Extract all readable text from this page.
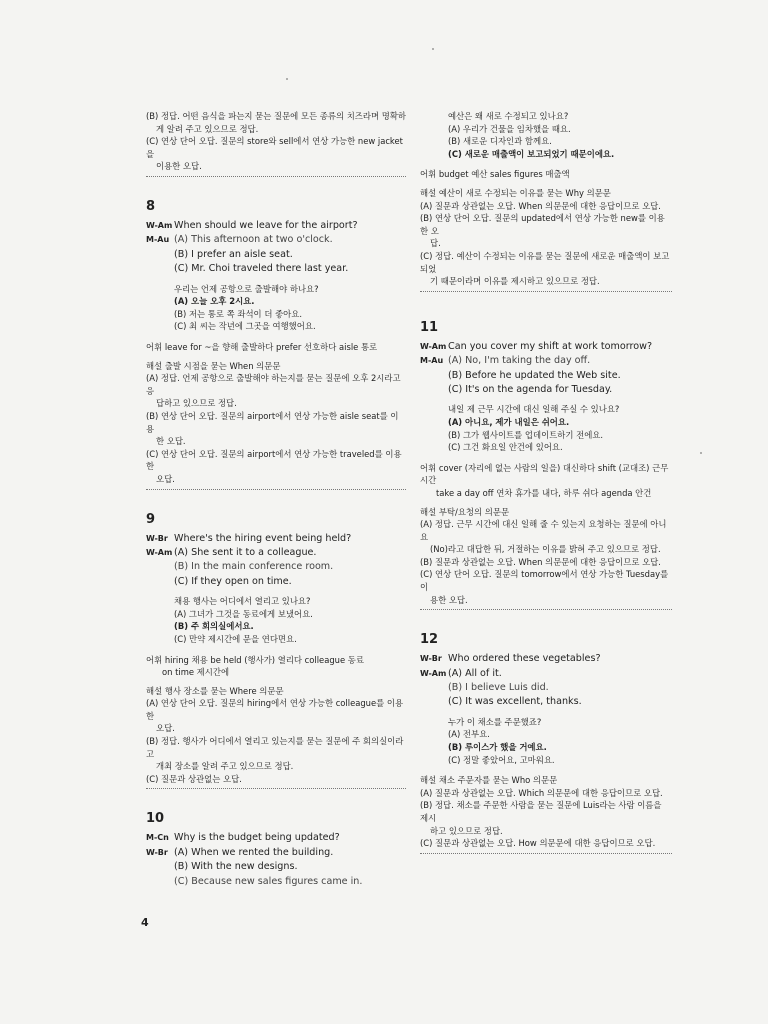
(B) 정답. 어떤 음식을 파는지 묻는 질문에 모든 종류의 치즈라며 명확하
게 알려 주고 있으므로 정답.
(C) 연상 단어 오답. 질문의 store와 sell에서 연상 가능한 new jacket을
이용한 오답.
8
W-Am When should we leave for the airport?
M-Au (A) This afternoon at two o'clock.
(B) I prefer an aisle seat.
(C) Mr. Choi traveled there last year.
우리는 언제 공항으로 출발해야 하나요?
(A) 오늘 오후 2시요.
(B) 저는 통로 쪽 좌석이 더 좋아요.
(C) 최 씨는 작년에 그곳을 여행했어요.
어휘 leave for ~을 향해 출발하다 prefer 선호하다 aisle 통로
해설 출발 시점을 묻는 When 의문문
(A) 정답. 언제 공항으로 출발해야 하는지를 묻는 질문에 오후 2시라고 응
답하고 있으므로 정답.
(B) 연상 단어 오답. 질문의 airport에서 연상 가능한 aisle seat를 이용
한 오답.
(C) 연상 단어 오답. 질문의 airport에서 연상 가능한 traveled를 이용한
오답.
9
W-Br Where's the hiring event being held?
W-Am (A) She sent it to a colleague.
(B) In the main conference room.
(C) If they open on time.
채용 행사는 어디에서 열리고 있나요?
(A) 그녀가 그것을 동료에게 보냈어요.
(B) 주 회의실에서요.
(C) 만약 제시간에 문을 연다면요.
어휘 hiring 채용 be held (행사가) 열리다 colleague 동료
on time 제시간에
해설 행사 장소를 묻는 Where 의문문
(A) 연상 단어 오답. 질문의 hiring에서 연상 가능한 colleague를 이용한
오답.
(B) 정답. 행사가 어디에서 열리고 있는지를 묻는 질문에 주 회의실이라고
개최 장소를 알려 주고 있으므로 정답.
(C) 질문과 상관없는 오답.
10
M-Cn Why is the budget being updated?
W-Br (A) When we rented the building.
(B) With the new designs.
(C) Because new sales figures came in.
예산은 왜 새로 수정되고 있나요?
(A) 우리가 건물을 임차했을 때요.
(B) 새로운 디자인과 함께요.
(C) 새로운 매출액이 보고되었기 때문이에요.
어휘 budget 예산 sales figures 매출액
해설 예산이 새로 수정되는 이유를 묻는 Why 의문문
(A) 질문과 상관없는 오답. When 의문문에 대한 응답이므로 오답.
(B) 연상 단어 오답. 질문의 updated에서 연상 가능한 new를 이용한 오
답.
(C) 정답. 예산이 수정되는 이유를 묻는 질문에 새로운 매출액이 보고되었
기 때문이라며 이유를 제시하고 있으므로 정답.
11
W-Am Can you cover my shift at work tomorrow?
M-Au (A) No, I'm taking the day off.
(B) Before he updated the Web site.
(C) It's on the agenda for Tuesday.
내일 제 근무 시간에 대신 일해 주실 수 있나요?
(A) 아니요, 제가 내일은 쉬어요.
(B) 그가 웹사이트를 업데이트하기 전에요.
(C) 그건 화요일 안건에 있어요.
어휘 cover (자리에 없는 사람의 일을) 대신하다 shift (교대조) 근무 시간
take a day off 연차 휴가를 내다, 하루 쉬다 agenda 안건
해설 부탁/요청의 의문문
(A) 정답. 근무 시간에 대신 일해 줄 수 있는지 요청하는 질문에 아니요
(No)라고 대답한 뒤, 거절하는 이유를 밝혀 주고 있으므로 정답.
(B) 질문과 상관없는 오답. When 의문문에 대한 응답이므로 오답.
(C) 연상 단어 오답. 질문의 tomorrow에서 연상 가능한 Tuesday를 이
용한 오답.
12
W-Br Who ordered these vegetables?
W-Am (A) All of it.
(B) I believe Luis did.
(C) It was excellent, thanks.
누가 이 채소를 주문했죠?
(A) 전부요.
(B) 루이스가 했을 거예요.
(C) 정말 좋았어요, 고마워요.
해설 채소 주문자를 묻는 Who 의문문
(A) 질문과 상관없는 오답. Which 의문문에 대한 응답이므로 오답.
(B) 정답. 채소를 주문한 사람을 묻는 질문에 Luis라는 사람 이름을 제시
하고 있으므로 정답.
(C) 질문과 상관없는 오답. How 의문문에 대한 응답이므로 오답.
4
